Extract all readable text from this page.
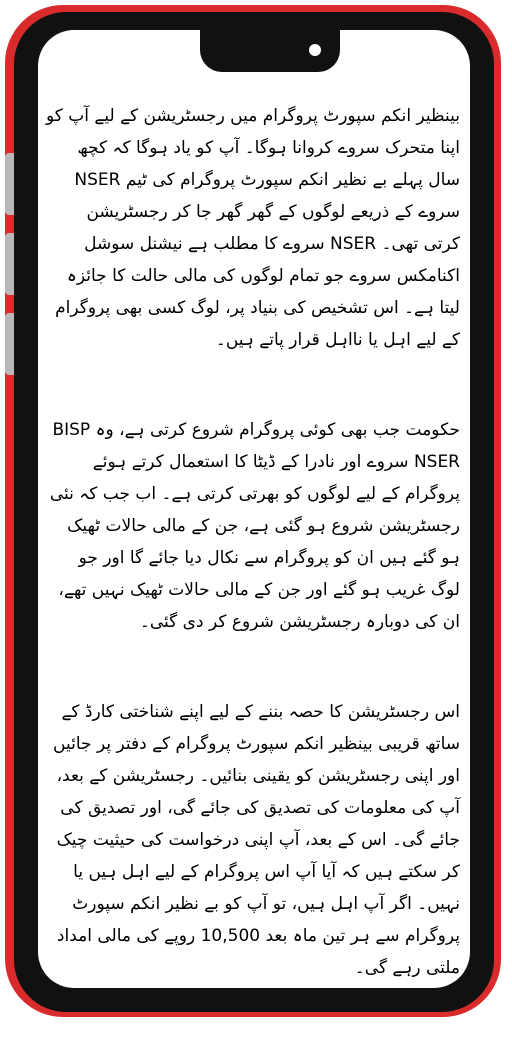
بینظیر انکم سپورٹ پروگرام میں رجسٹریشن کے لیے آپ کو اپنا متحرک سروے کروانا ہوگا۔ آپ کو یاد ہوگا کہ کچھ سال پہلے بے نظیر انکم سپورٹ پروگرام کی ٹیم NSER سروے کے ذریعے لوگوں کے گھر گھر جا کر رجسٹریشن کرتی تھی۔ NSER سروے کا مطلب ہے نیشنل سوشل اکنامکس سروے جو تمام لوگوں کی مالی حالت کا جائزہ لیتا ہے۔ اس تشخیص کی بنیاد پر، لوگ کسی بھی پروگرام کے لیے اہل یا نااہل قرار پاتے ہیں۔

حکومت جب بھی کوئی پروگرام شروع کرتی ہے، وہ BISP NSER سروے اور نادرا کے ڈیٹا کا استعمال کرتے ہوئے پروگرام کے لیے لوگوں کو بھرتی کرتی ہے۔ اب جب کہ نئی رجسٹریشن شروع ہو گئی ہے، جن کے مالی حالات ٹھیک ہو گئے ہیں ان کو پروگرام سے نکال دیا جائے گا اور جو لوگ غریب ہو گئے اور جن کے مالی حالات ٹھیک نہیں تھے، ان کی دوبارہ رجسٹریشن شروع کر دی گئی۔

اس رجسٹریشن کا حصہ بننے کے لیے اپنے شناختی کارڈ کے ساتھ قریبی بینظیر انکم سپورٹ پروگرام کے دفتر پر جائیں اور اپنی رجسٹریشن کو یقینی بنائیں۔ رجسٹریشن کے بعد، آپ کی معلومات کی تصدیق کی جائے گی، اور تصدیق کی جائے گی۔ اس کے بعد، آپ اپنی درخواست کی حیثیت چیک کر سکتے ہیں کہ آیا آپ اس پروگرام کے لیے اہل ہیں یا نہیں۔ اگر آپ اہل ہیں، تو آپ کو بے نظیر انکم سپورٹ پروگرام سے ہر تین ماہ بعد 10,500 روپے کی مالی امداد ملتی رہے گی۔
